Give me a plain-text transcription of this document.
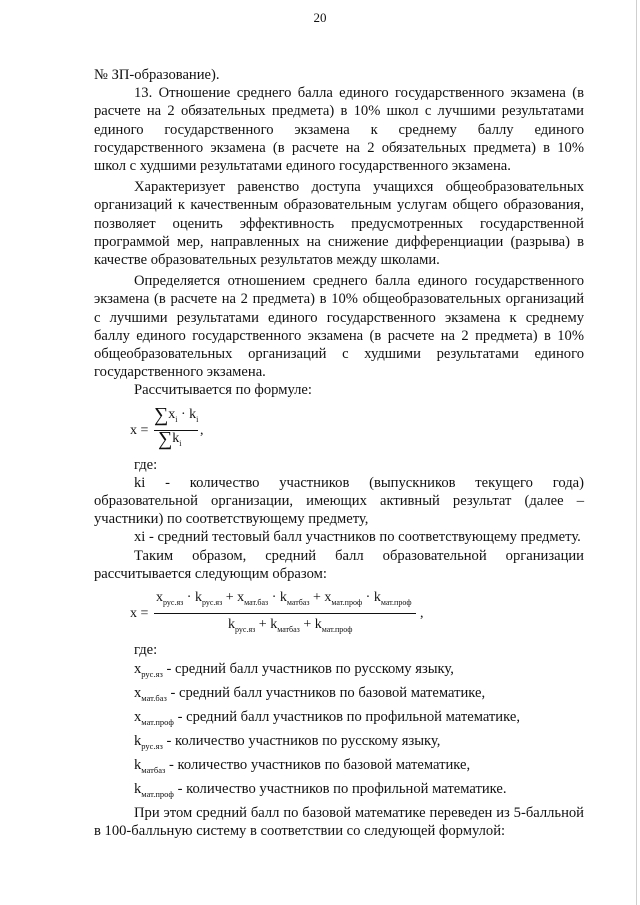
20

№ ЗП-образование).

13. Отношение среднего балла единого государственного экзамена (в расчете на 2 обязательных предмета) в 10% школ с лучшими результатами единого государственного экзамена к среднему баллу единого государственного экзамена (в расчете на 2 обязательных предмета) в 10% школ с худшими результатами единого государственного экзамена.

Характеризует равенство доступа учащихся общеобразовательных организаций к качественным образовательным услугам общего образования, позволяет оценить эффективность предусмотренных государственной программой мер, направленных на снижение дифференциации (разрыва) в качестве образовательных результатов между школами.

Определяется отношением среднего балла единого государственного экзамена (в расчете на 2 предмета) в 10% общеобразовательных организаций с лучшими результатами единого государственного экзамена к среднему баллу единого государственного экзамена (в расчете на 2 предмета) в 10% общеобразовательных организаций с худшими результатами единого государственного экзамена.

Рассчитывается по формуле:

x =
$\sum x_i \cdot k_i$
$\sum k_i$
,

где:

ki - количество участников (выпускников текущего года) образовательной организации, имеющих активный результат (далее – участники) по соответствующему предмету,

xi - средний тестовый балл участников по соответствующему предмету.

Таким образом, средний балл образовательной организации рассчитывается следующим образом:

x =
$x_{рус.яз} \cdot k_{рус.яз} + x_{мат.баз} \cdot k_{матбаз} + x_{мат.проф} \cdot k_{мат.проф}$
$k_{рус.яз} + k_{матбаз} + k_{мат.проф}$
,

где:

$x_{рус.яз}$ - средний балл участников по русскому языку,

$x_{мат.баз}$ - средний балл участников по базовой математике,

$x_{мат.проф}$ - средний балл участников по профильной математике,

$k_{рус.яз}$ - количество участников по русскому языку,

$k_{матбаз}$ - количество участников по базовой математике,

$k_{мат.проф}$ - количество участников по профильной математике.

При этом средний балл по базовой математике переведен из 5-балльной в 100-балльную систему в соответствии со следующей формулой:
